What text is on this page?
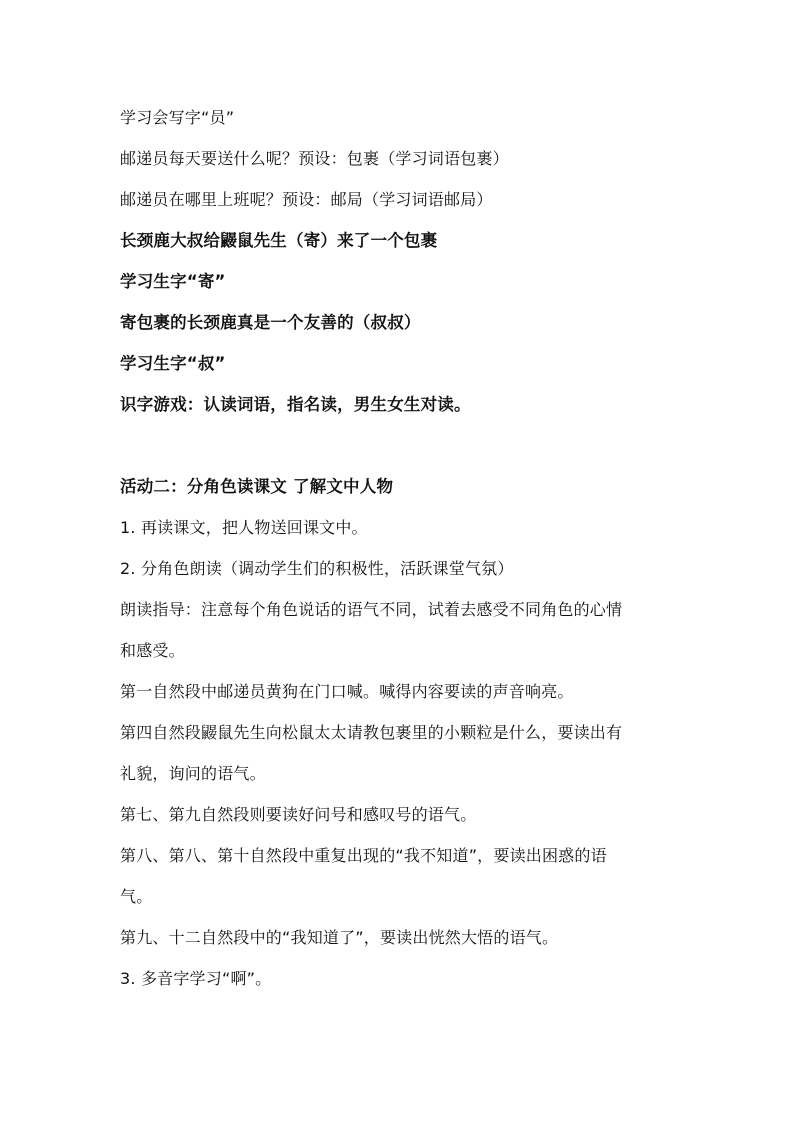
学习会写字“员”
邮递员每天要送什么呢？预设：包裹（学习词语包裹）
邮递员在哪里上班呢？预设：邮局（学习词语邮局）
长颈鹿大叔给鼹鼠先生（寄）来了一个包裹
学习生字“寄”
寄包裹的长颈鹿真是一个友善的（叔叔）
学习生字“叔”
识字游戏：认读词语，指名读，男生女生对读。
活动二：分角色读课文 了解文中人物
1. 再读课文，把人物送回课文中。
2. 分角色朗读（调动学生们的积极性，活跃课堂气氛）
朗读指导：注意每个角色说话的语气不同，试着去感受不同角色的心情
和感受。
第一自然段中邮递员黄狗在门口喊。喊得内容要读的声音响亮。
第四自然段鼹鼠先生向松鼠太太请教包裹里的小颗粒是什么，要读出有
礼貌，询问的语气。
第七、第九自然段则要读好问号和感叹号的语气。
第八、第八、第十自然段中重复出现的“我不知道”，要读出困惑的语
气。
第九、十二自然段中的“我知道了”，要读出恍然大悟的语气。
3. 多音字学习“啊”。
